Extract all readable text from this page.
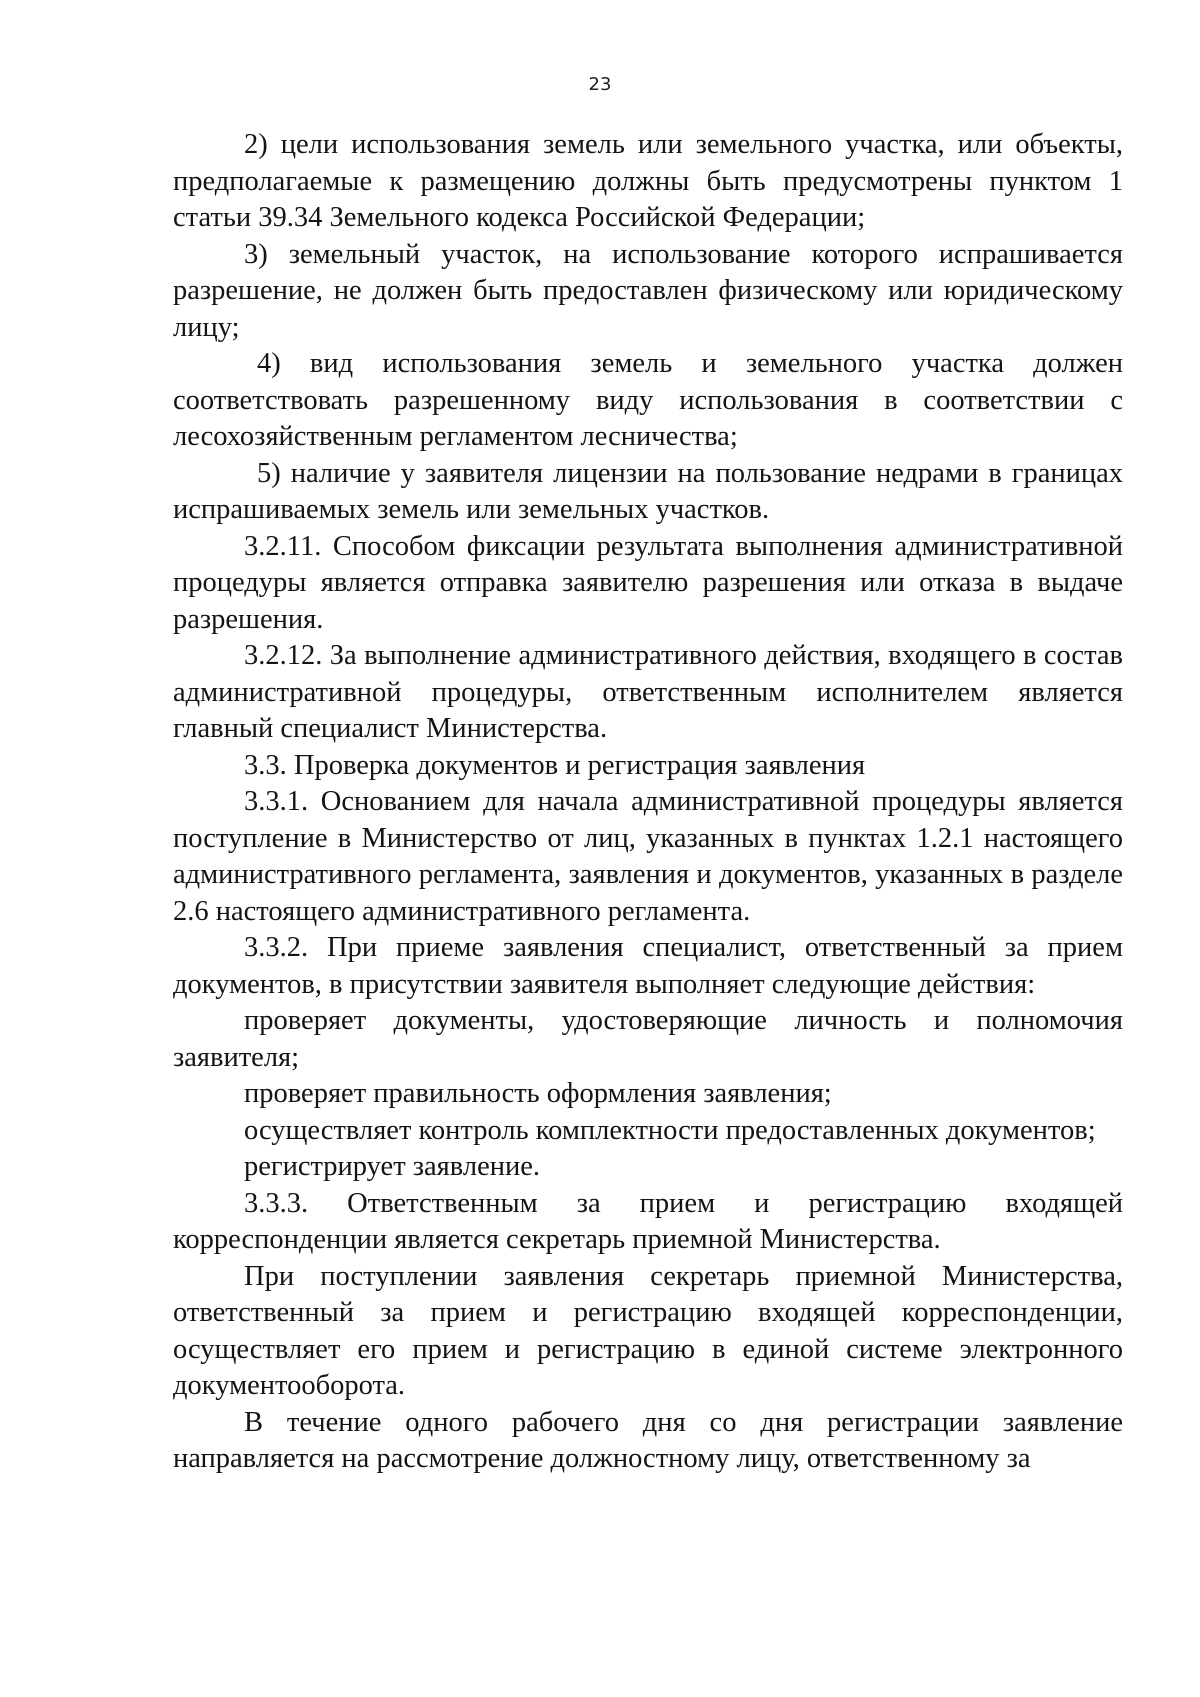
23

2) цели использования земель или земельного участка, или объекты, предполагаемые к размещению должны быть предусмотрены пунктом 1 статьи 39.34 Земельного кодекса Российской Федерации;

3) земельный участок, на использование которого испрашивается разрешение, не должен быть предоставлен физическому или юридическому лицу;

4) вид использования земель и земельного участка должен соответствовать разрешенному виду использования в соответствии с лесохозяйственным регламентом лесничества;

5) наличие у заявителя лицензии на пользование недрами в границах испрашиваемых земель или земельных участков.

3.2.11. Способом фиксации результата выполнения административной процедуры является отправка заявителю разрешения или отказа в выдаче разрешения.

3.2.12. За выполнение административного действия, входящего в состав административной процедуры, ответственным исполнителем является главный специалист Министерства.

3.3. Проверка документов и регистрация заявления

3.3.1. Основанием для начала административной процедуры является поступление в Министерство от лиц, указанных в пунктах 1.2.1 настоящего административного регламента, заявления и документов, указанных в разделе 2.6 настоящего административного регламента.

3.3.2. При приеме заявления специалист, ответственный за прием документов, в присутствии заявителя выполняет следующие действия:

проверяет документы, удостоверяющие личность и полномочия заявителя;

проверяет правильность оформления заявления;

осуществляет контроль комплектности предоставленных документов;

регистрирует заявление.

3.3.3. Ответственным за прием и регистрацию входящей корреспонденции является секретарь приемной Министерства.

При поступлении заявления секретарь приемной Министерства, ответственный за прием и регистрацию входящей корреспонденции, осуществляет его прием и регистрацию в единой системе электронного документооборота.

В течение одного рабочего дня со дня регистрации заявление направляется на рассмотрение должностному лицу, ответственному за
